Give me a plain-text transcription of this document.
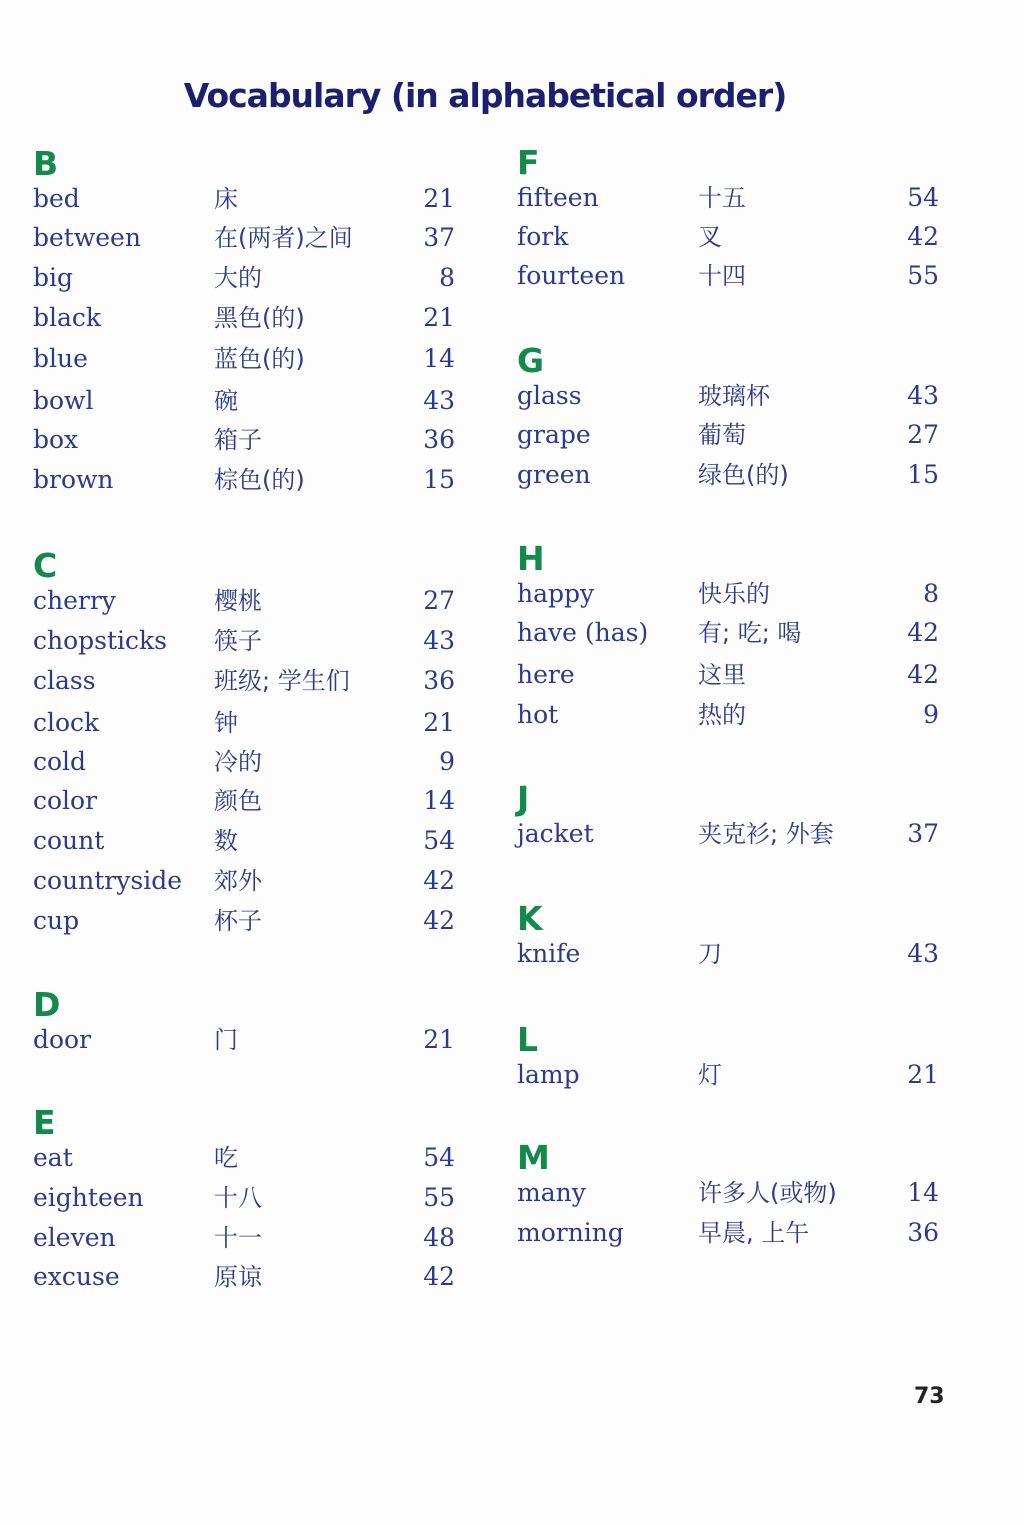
Vocabulary (in alphabetical order)
B
bed	床	21
between	在(两者)之间	37
big	大的	8
black	黑色(的)	21
blue	蓝色(的)	14
bowl	碗	43
box	箱子	36
brown	棕色(的)	15
C
cherry	樱桃	27
chopsticks 筷子	43
class	班级; 学生们	36
clock	钟	21
cold	冷的	9
color	颜色	14
count	数	54
countryside 郊外	42
cup	杯子	42
D
door	门	21
E
eat	吃	54
eighteen	十八	55
eleven	十一	48
excuse	原谅	42
F
fifteen	十五	54
fork	叉	42
fourteen	十四	55
G
glass	玻璃杯	43
grape	葡萄	27
green	绿色(的)	15
H
happy	快乐的	8
have (has) 有; 吃; 喝	42
here	这里	42
hot	热的	9
J
jacket	夹克衫; 外套	37
K
knife	刀	43
L
lamp	灯	21
M
many	许多人(或物)	14
morning	早晨, 上午	36
73
